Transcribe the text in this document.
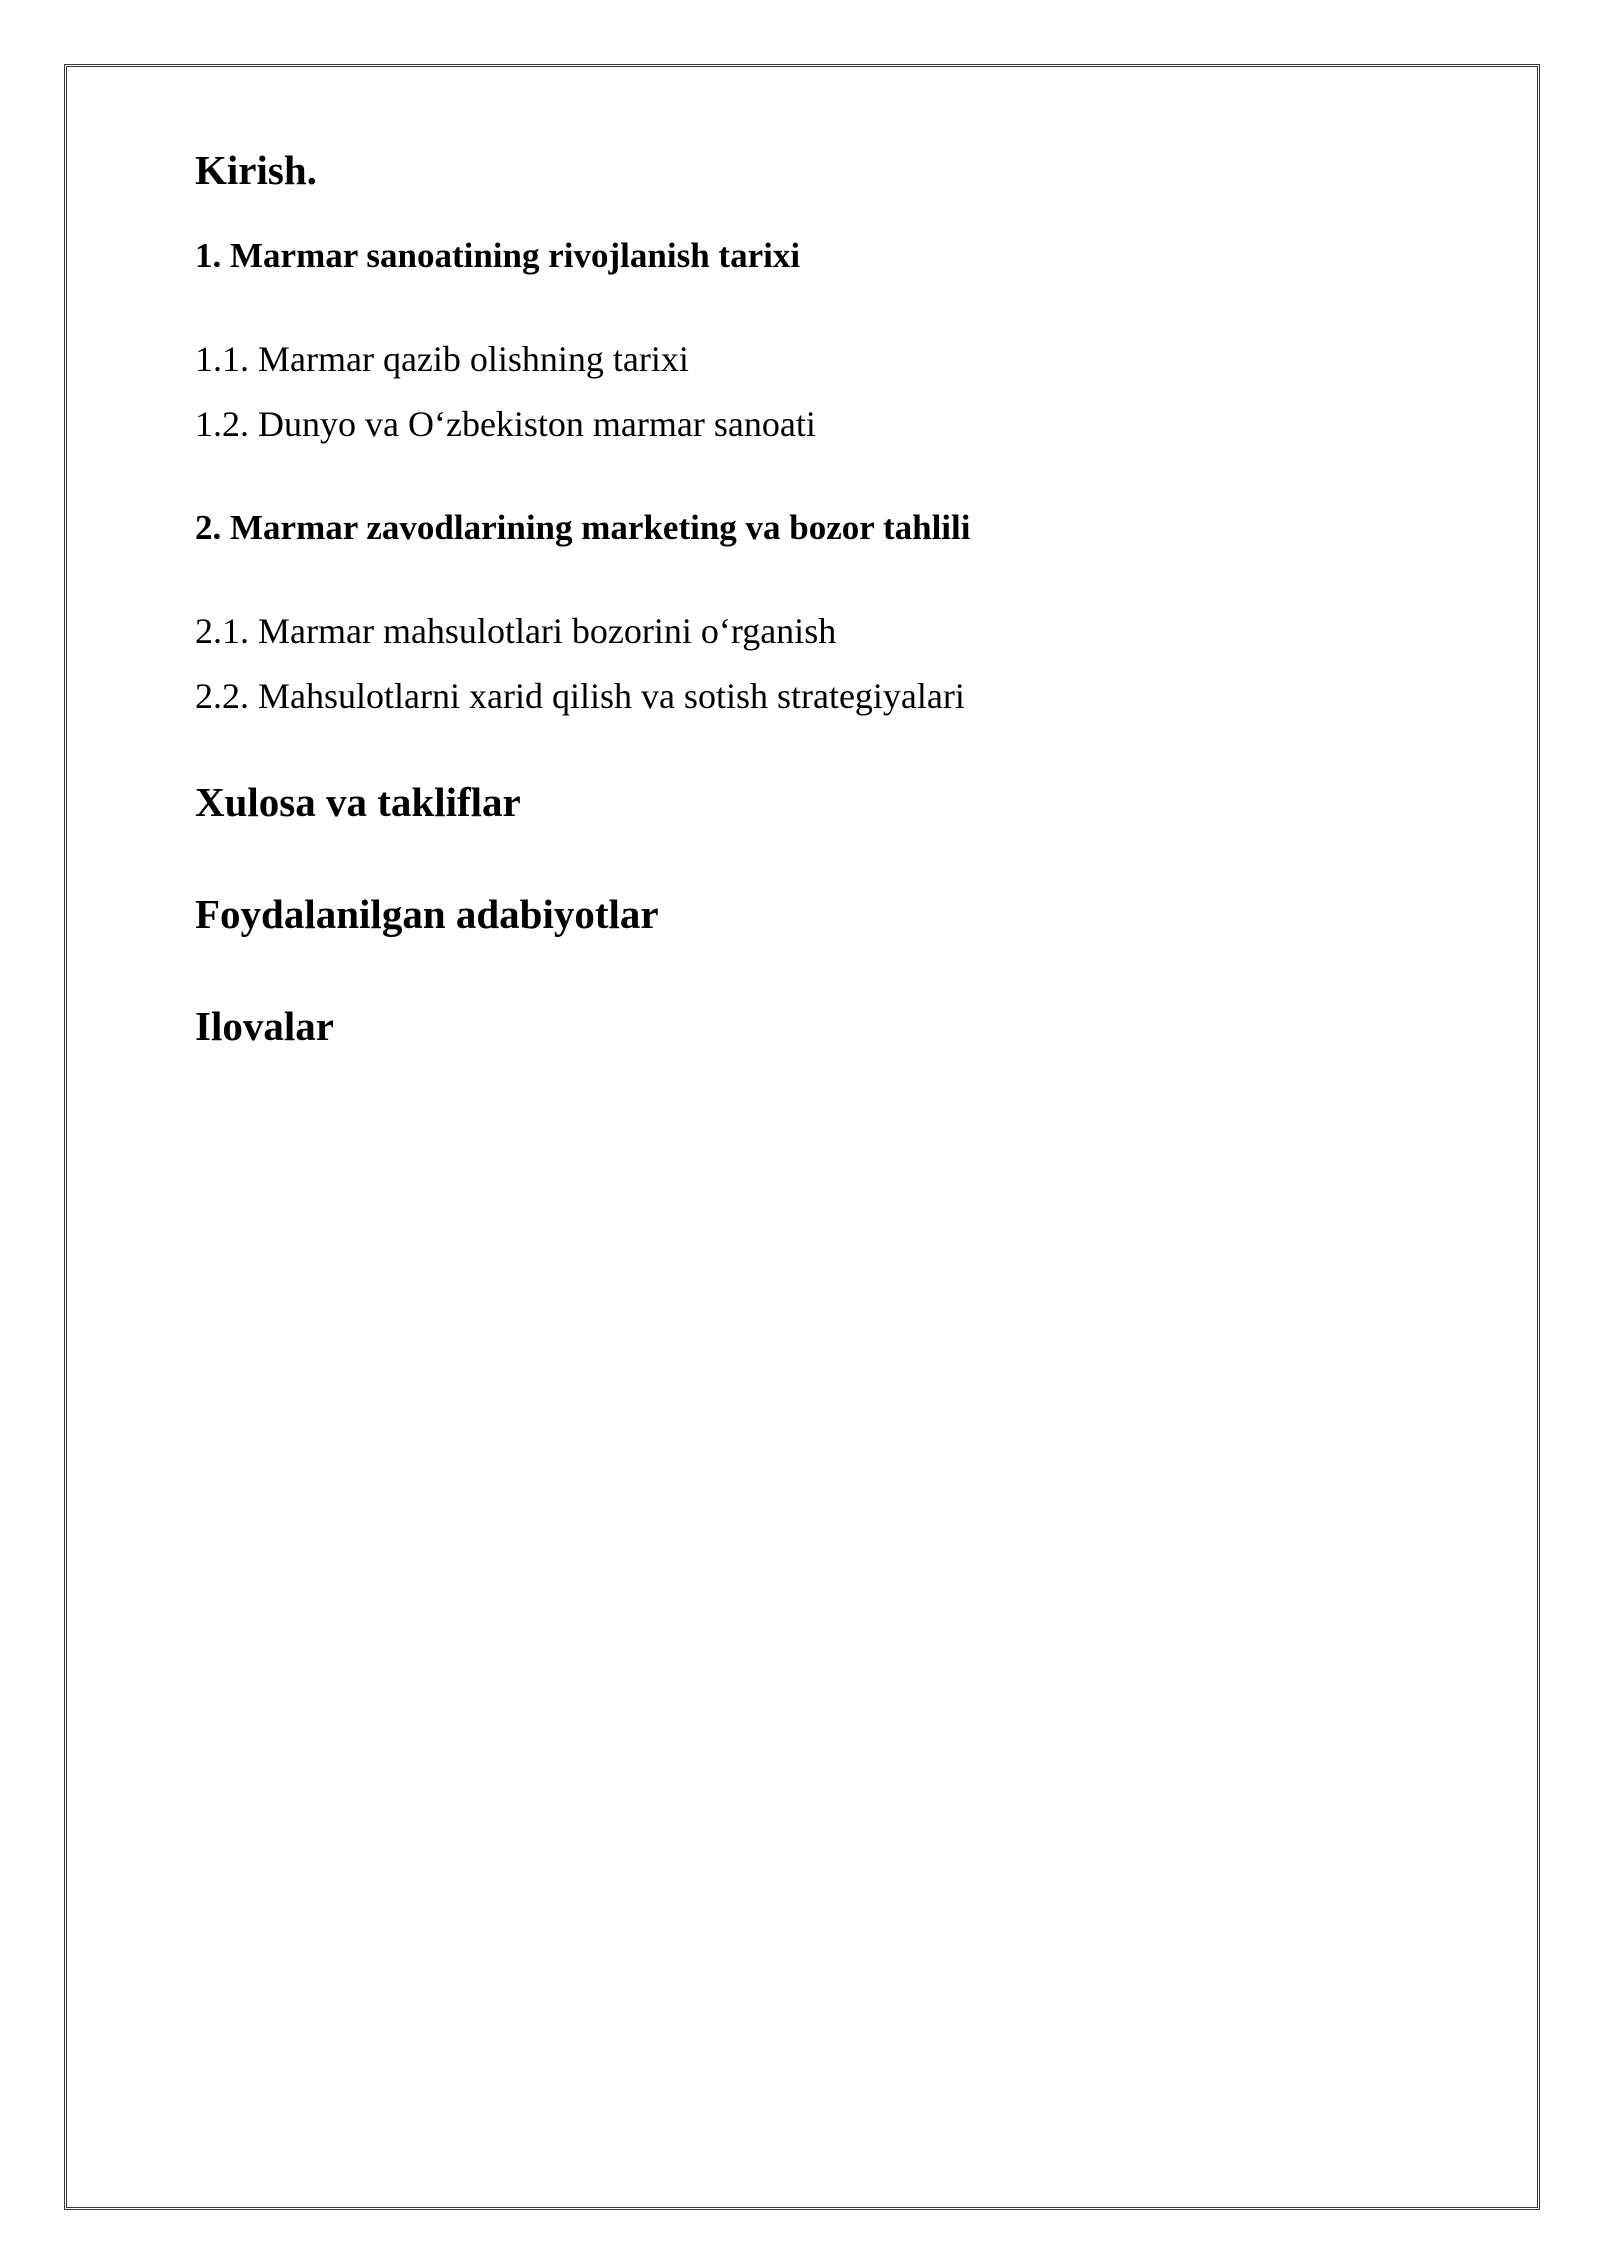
Kirish.
1. Marmar sanoatining rivojlanish tarixi
1.1. Marmar qazib olishning tarixi
1.2. Dunyo va O‘zbekiston marmar sanoati
2. Marmar zavodlarining marketing va bozor tahlili
2.1. Marmar mahsulotlari bozorini o‘rganish
2.2. Mahsulotlarni xarid qilish va sotish strategiyalari
Xulosa va takliflar
Foydalanilgan adabiyotlar
Ilovalar
